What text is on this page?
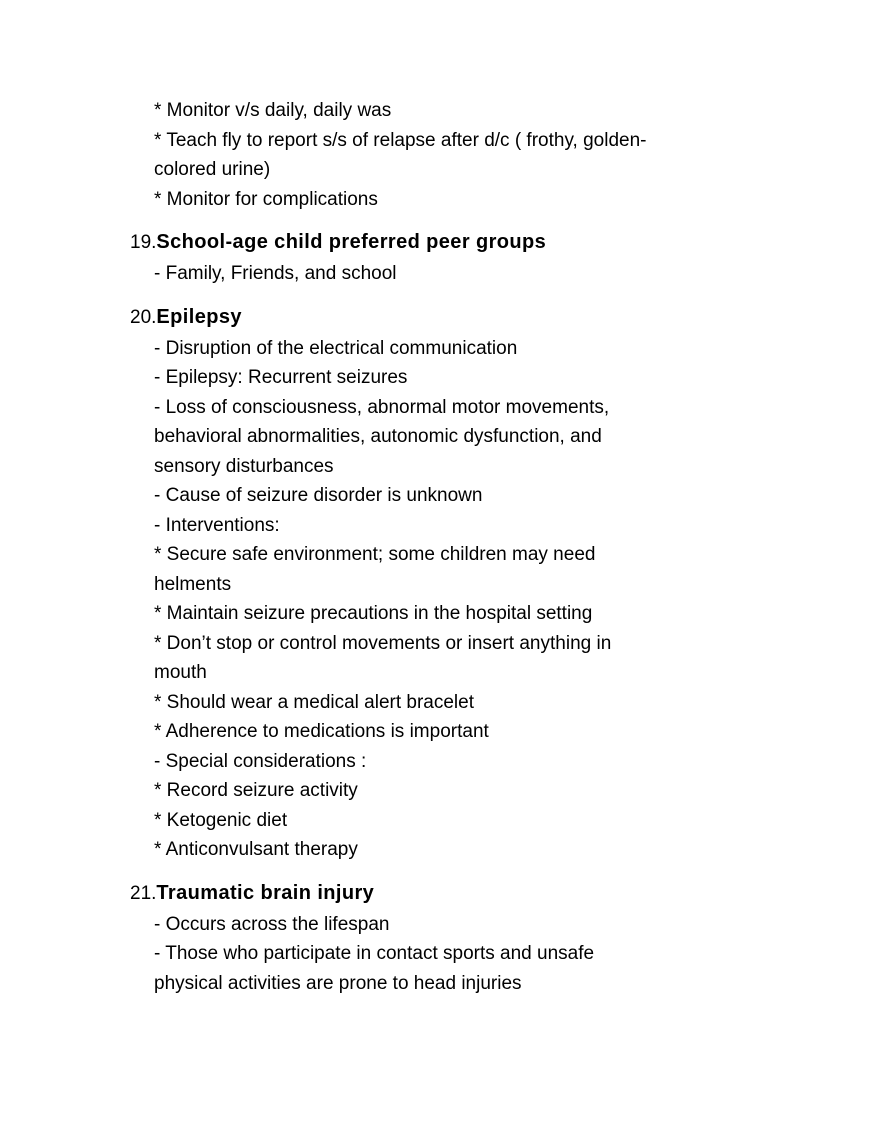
* Monitor v/s daily, daily was
* Teach fly to report s/s of relapse after d/c ( frothy, golden-
colored urine)
* Monitor for complications
19.School-age child preferred peer groups
- Family, Friends, and school
20.Epilepsy
- Disruption of the electrical communication
- Epilepsy: Recurrent seizures
- Loss of consciousness, abnormal motor movements,
behavioral abnormalities, autonomic dysfunction, and
sensory disturbances
- Cause of seizure disorder is unknown
- Interventions:
* Secure safe environment; some children may need
helments
* Maintain seizure precautions in the hospital setting
* Don’t stop or control movements or insert anything in
mouth
* Should wear a medical alert bracelet
* Adherence to medications is important
- Special considerations :
* Record seizure activity
* Ketogenic diet
* Anticonvulsant therapy
21.Traumatic brain injury
- Occurs across the lifespan
- Those who participate in contact sports and unsafe
physical activities are prone to head injuries
